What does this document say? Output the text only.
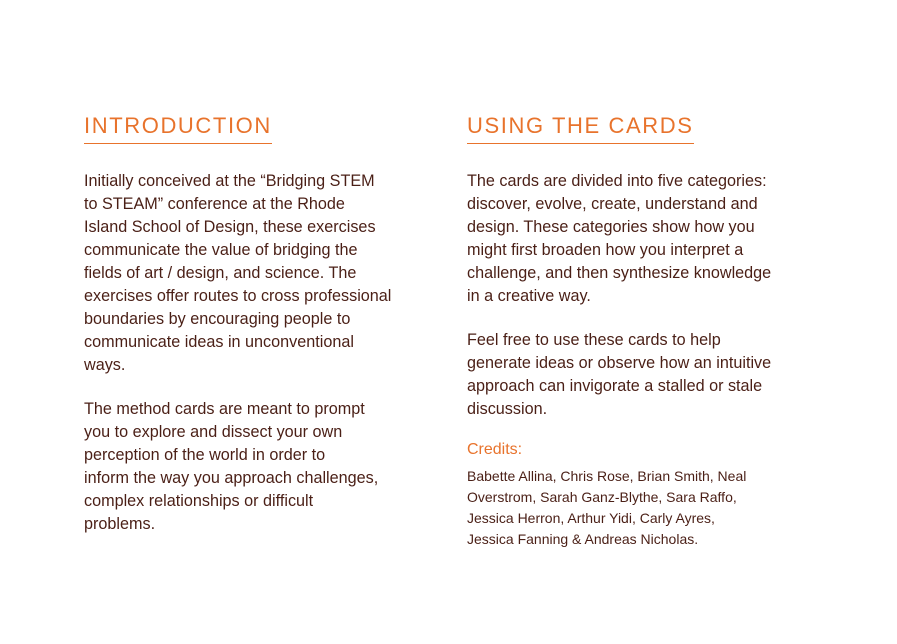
INTRODUCTION

Initially conceived at the “Bridging STEM
to STEAM” conference at the Rhode
Island School of Design, these exercises
communicate the value of bridging the
fields of art / design, and science. The
exercises offer routes to cross professional
boundaries by encouraging people to
communicate ideas in unconventional
ways.

The method cards are meant to prompt
you to explore and dissect your own
perception of the world in order to
inform the way you approach challenges,
complex relationships or difficult
problems.

USING THE CARDS

The cards are divided into five categories:
discover, evolve, create, understand and
design. These categories show how you
might first broaden how you interpret a
challenge, and then synthesize knowledge
in a creative way.

Feel free to use these cards to help
generate ideas or observe how an intuitive
approach can invigorate a stalled or stale
discussion.

Credits:

Babette Allina, Chris Rose, Brian Smith, Neal
Overstrom, Sarah Ganz-Blythe, Sara Raffo,
Jessica Herron, Arthur Yidi, Carly Ayres,
Jessica Fanning & Andreas Nicholas.
